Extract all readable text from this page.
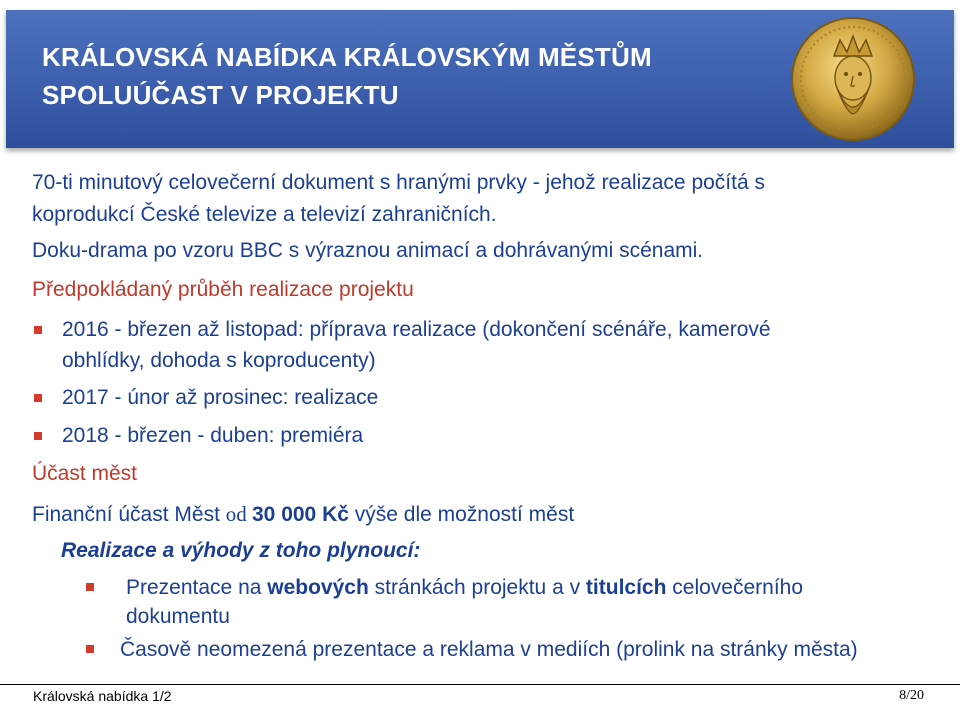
KRÁLOVSKÁ NABÍDKA KRÁLOVSKÝM MĚSTŮM
SPOLUÚČAST V PROJEKTU
70-ti minutový celovečerní dokument s hranými prvky - jehož realizace počítá s
koprodukcí České televize a televizí zahraničních.
Doku-drama po vzoru BBC s výraznou animací a dohrávanými scénami.
Předpokládaný průběh realizace projektu
2016 - březen až listopad: příprava realizace (dokončení scénáře, kamerové
obhlídky, dohoda s koproducenty)
2017 - únor až prosinec: realizace
2018 - březen - duben: premiéra
Účast měst
Finanční účast Měst od 30 000 Kč výše dle možností měst
Realizace a výhody z toho plynoucí:
Prezentace na webových stránkách projektu a v titulcích celovečerního
dokumentu
Časově neomezená prezentace a reklama v mediích (prolink na stránky města)
Královská nabídka 1/2	8/20
